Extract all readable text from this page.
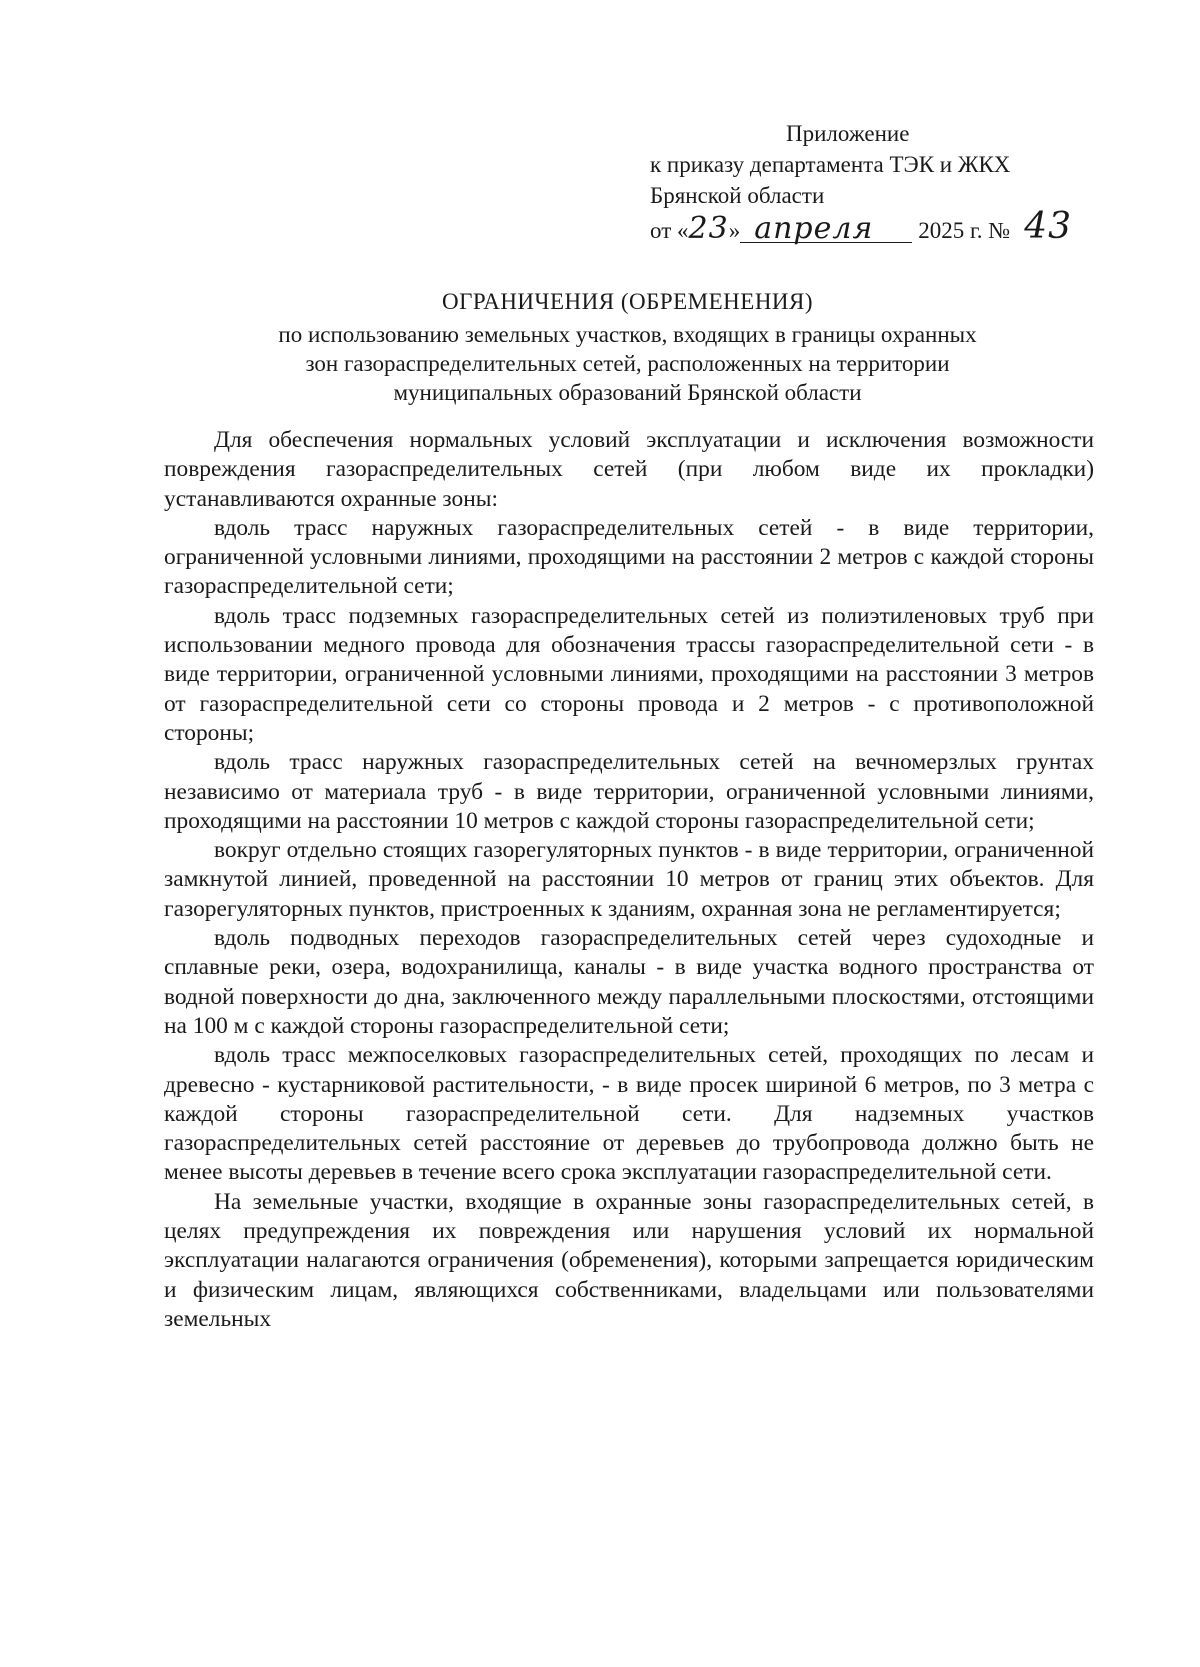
Приложение
к приказу департамента ТЭК и ЖКХ
Брянской области
от « 23 » апреля	2025 г. № 43
ОГРАНИЧЕНИЯ (ОБРЕМЕНЕНИЯ)
по использованию земельных участков, входящих в границы охранных
зон газораспределительных сетей, расположенных на территории
муниципальных образований Брянской области

Для обеспечения нормальных условий эксплуатации и исключения возможности повреждения газораспределительных сетей (при любом виде их прокладки) устанавливаются охранные зоны:

вдоль трасс наружных газораспределительных сетей - в виде территории, ограниченной условными линиями, проходящими на расстоянии 2 метров с каждой стороны газораспределительной сети;

вдоль трасс подземных газораспределительных сетей из полиэтиленовых труб при использовании медного провода для обозначения трассы газораспределительной сети - в виде территории, ограниченной условными линиями, проходящими на расстоянии 3 метров от газораспределительной сети со стороны провода и 2 метров - с противоположной стороны;

вдоль трасс наружных газораспределительных сетей на вечномерзлых грунтах независимо от материала труб - в виде территории, ограниченной условными линиями, проходящими на расстоянии 10 метров с каждой стороны газораспределительной сети;

вокруг отдельно стоящих газорегуляторных пунктов - в виде территории, ограниченной замкнутой линией, проведенной на расстоянии 10 метров от границ этих объектов. Для газорегуляторных пунктов, пристроенных к зданиям, охранная зона не регламентируется;

вдоль подводных переходов газораспределительных сетей через судоходные и сплавные реки, озера, водохранилища, каналы - в виде участка водного пространства от водной поверхности до дна, заключенного между параллельными плоскостями, отстоящими на 100 м с каждой стороны газораспределительной сети;

вдоль трасс межпоселковых газораспределительных сетей, проходящих по лесам и древесно - кустарниковой растительности, - в виде просек шириной 6 метров, по 3 метра с каждой стороны газораспределительной сети. Для надземных участков газораспределительных сетей расстояние от деревьев до трубопровода должно быть не менее высоты деревьев в течение всего срока эксплуатации газораспределительной сети.

На земельные участки, входящие в охранные зоны газораспределительных сетей, в целях предупреждения их повреждения или нарушения условий их нормальной эксплуатации налагаются ограничения (обременения), которыми запрещается юридическим и физическим лицам, являющихся собственниками, владельцами или пользователями земельных
